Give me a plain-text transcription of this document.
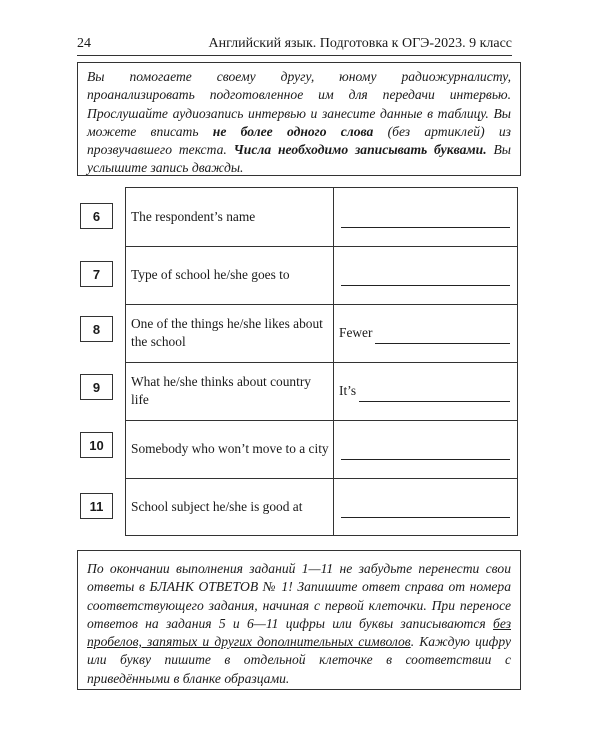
24	Английский язык. Подготовка к ОГЭ-2023. 9 класс

Вы помогаете своему другу, юному радиожурналисту, проанализировать подготовленное им для передачи интервью. Прослушайте аудиозапись интервью и занесите данные в таблицу. Вы можете вписать не более одного слова (без артиклей) из прозвучавшего текста. Числа необходимо записывать буквами. Вы услышите запись дважды.

6
7
8
9
10
11
The respondent’s name
Type of school he/she goes to
One of the things he/she likes about the school
Fewer
What he/she thinks about country life
It’s
Somebody who won’t move to a city
School subject he/she is good at

По окончании выполнения заданий 1—11 не забудьте перенести свои ответы в БЛАНК ОТВЕТОВ № 1! Запишите ответ справа от номера соответствующего задания, начиная с первой клеточки. При переносе ответов на задания 5 и 6—11 цифры или буквы записываются без пробелов, запятых и других дополнительных символов. Каждую цифру или букву пишите в отдельной клеточке в соответствии с приведёнными в бланке образцами.
